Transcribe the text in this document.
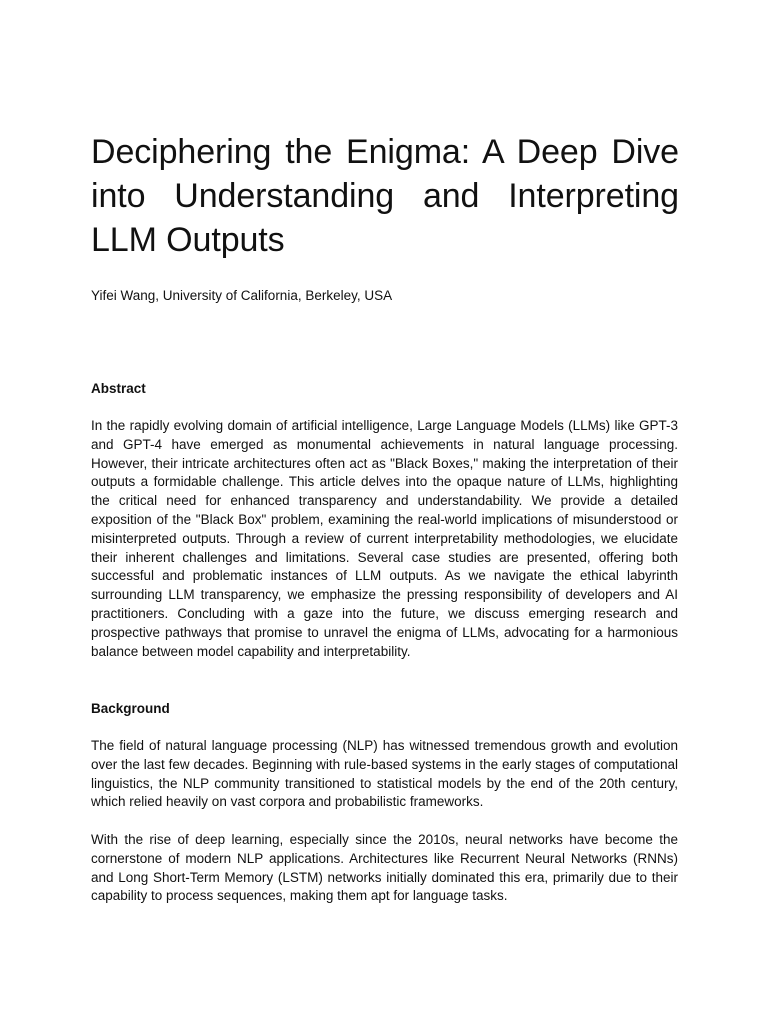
Deciphering the Enigma: A Deep Dive into Understanding and Interpreting LLM Outputs

Yifei Wang, University of California, Berkeley, USA

Abstract

In the rapidly evolving domain of artificial intelligence, Large Language Models (LLMs) like GPT-3 and GPT-4 have emerged as monumental achievements in natural language processing. However, their intricate architectures often act as "Black Boxes," making the interpretation of their outputs a formidable challenge. This article delves into the opaque nature of LLMs, highlighting the critical need for enhanced transparency and understandability. We provide a detailed exposition of the "Black Box" problem, examining the real-world implications of misunderstood or misinterpreted outputs. Through a review of current interpretability methodologies, we elucidate their inherent challenges and limitations. Several case studies are presented, offering both successful and problematic instances of LLM outputs. As we navigate the ethical labyrinth surrounding LLM transparency, we emphasize the pressing responsibility of developers and AI practitioners. Concluding with a gaze into the future, we discuss emerging research and prospective pathways that promise to unravel the enigma of LLMs, advocating for a harmonious balance between model capability and interpretability.

Background

The field of natural language processing (NLP) has witnessed tremendous growth and evolution over the last few decades. Beginning with rule-based systems in the early stages of computational linguistics, the NLP community transitioned to statistical models by the end of the 20th century, which relied heavily on vast corpora and probabilistic frameworks.

With the rise of deep learning, especially since the 2010s, neural networks have become the cornerstone of modern NLP applications. Architectures like Recurrent Neural Networks (RNNs) and Long Short-Term Memory (LSTM) networks initially dominated this era, primarily due to their capability to process sequences, making them apt for language tasks.
